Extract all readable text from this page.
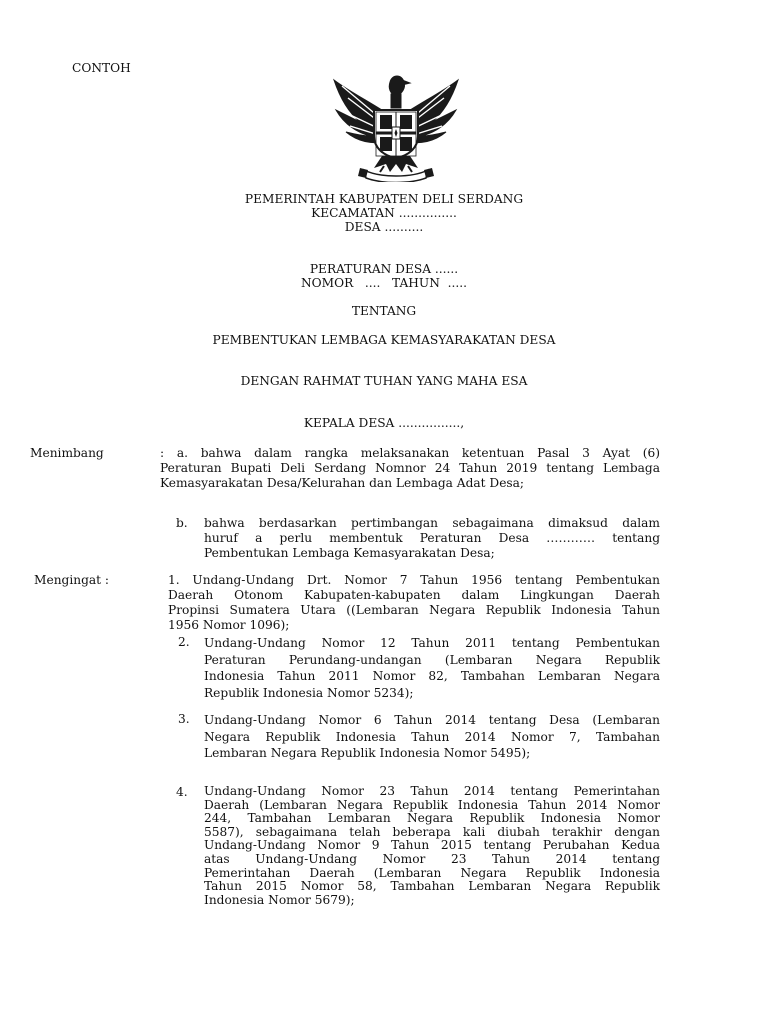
CONTOH
PEMERINTAH KABUPATEN DELI SERDANG
KECAMATAN ...............
DESA ..........
PERATURAN DESA ......
NOMOR   ....   TAHUN  .....
TENTANG
PEMBENTUKAN LEMBAGA KEMASYARAKATAN DESA
DENGAN RAHMAT TUHAN YANG MAHA ESA
KEPALA DESA ................,
Menimbang	: a. bahwa dalam rangka melaksanakan ketentuan Pasal 3 Ayat (6)
Peraturan Bupati Deli Serdang Nomnor 24 Tahun 2019 tentang Lembaga
Kemasyarakatan Desa/Kelurahan dan Lembaga Adat Desa;
b. bahwa berdasarkan pertimbangan sebagaimana dimaksud dalam
huruf a perlu membentuk Peraturan Desa ………… tentang
Pembentukan Lembaga Kemasyarakatan Desa;
Mengingat :	1. Undang-Undang Drt. Nomor 7 Tahun 1956 tentang Pembentukan
Daerah Otonom Kabupaten-kabupaten dalam Lingkungan Daerah
Propinsi Sumatera Utara ((Lembaran Negara Republik Indonesia Tahun
1956 Nomor 1096);
2. Undang-Undang Nomor 12 Tahun 2011 tentang Pembentukan
Peraturan Perundang-undangan (Lembaran Negara Republik
Indonesia Tahun 2011 Nomor 82, Tambahan Lembaran Negara
Republik Indonesia Nomor 5234);
3. Undang-Undang Nomor 6 Tahun 2014 tentang Desa (Lembaran
Negara Republik Indonesia Tahun 2014 Nomor 7, Tambahan
Lembaran Negara Republik Indonesia Nomor 5495);
4. Undang-Undang Nomor 23 Tahun 2014 tentang Pemerintahan
Daerah (Lembaran Negara Republik Indonesia Tahun 2014 Nomor
244, Tambahan Lembaran Negara Republik Indonesia Nomor
5587), sebagaimana telah beberapa kali diubah terakhir dengan
Undang-Undang Nomor 9 Tahun 2015 tentang Perubahan Kedua
atas Undang-Undang Nomor 23 Tahun 2014 tentang
Pemerintahan Daerah (Lembaran Negara Republik Indonesia
Tahun 2015 Nomor 58, Tambahan Lembaran Negara Republik
Indonesia Nomor 5679);
